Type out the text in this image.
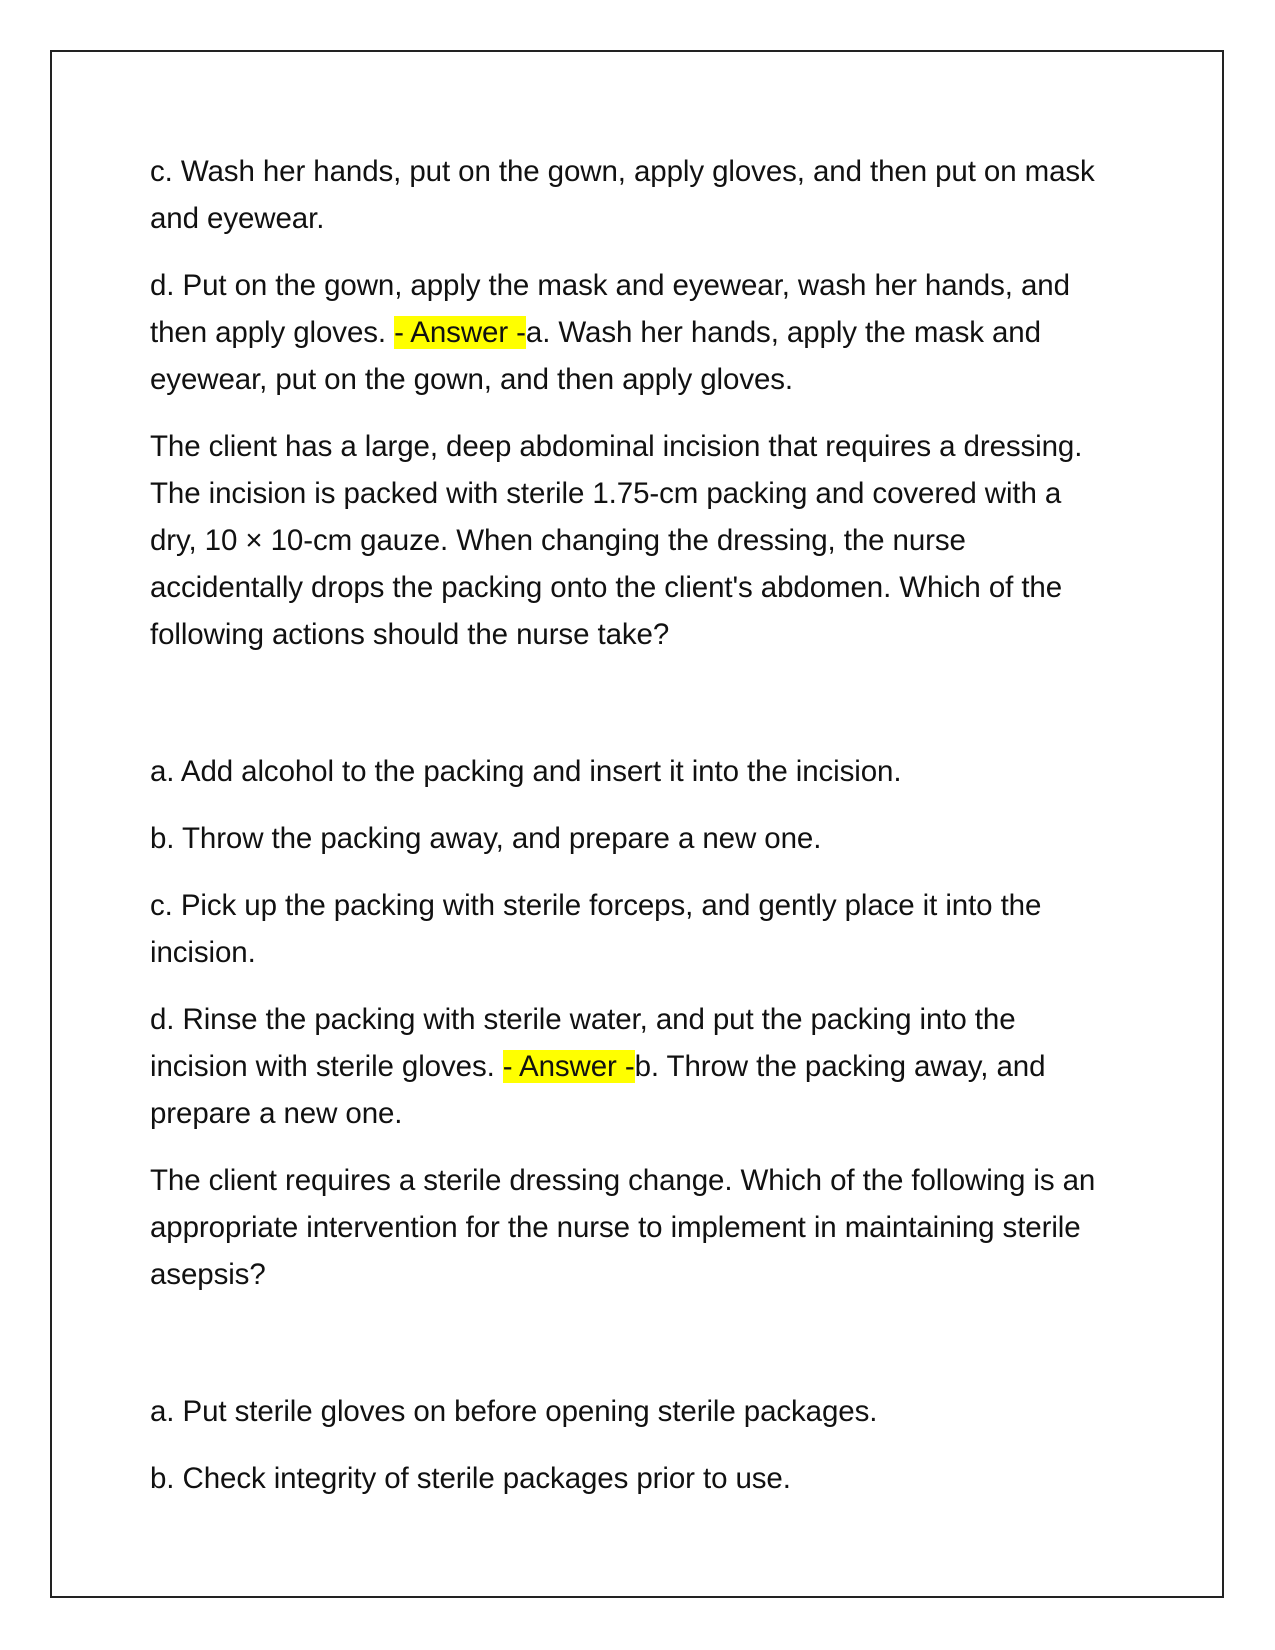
c. Wash her hands, put on the gown, apply gloves, and then put on mask and eyewear.

d. Put on the gown, apply the mask and eyewear, wash her hands, and then apply gloves. - Answer -a. Wash her hands, apply the mask and eyewear, put on the gown, and then apply gloves.

The client has a large, deep abdominal incision that requires a dressing. The incision is packed with sterile 1.75-cm packing and covered with a dry, 10 × 10-cm gauze. When changing the dressing, the nurse accidentally drops the packing onto the client's abdomen. Which of the following actions should the nurse take?

a. Add alcohol to the packing and insert it into the incision.

b. Throw the packing away, and prepare a new one.

c. Pick up the packing with sterile forceps, and gently place it into the incision.

d. Rinse the packing with sterile water, and put the packing into the incision with sterile gloves. - Answer -b. Throw the packing away, and prepare a new one.

The client requires a sterile dressing change. Which of the following is an appropriate intervention for the nurse to implement in maintaining sterile asepsis?

a. Put sterile gloves on before opening sterile packages.

b. Check integrity of sterile packages prior to use.
